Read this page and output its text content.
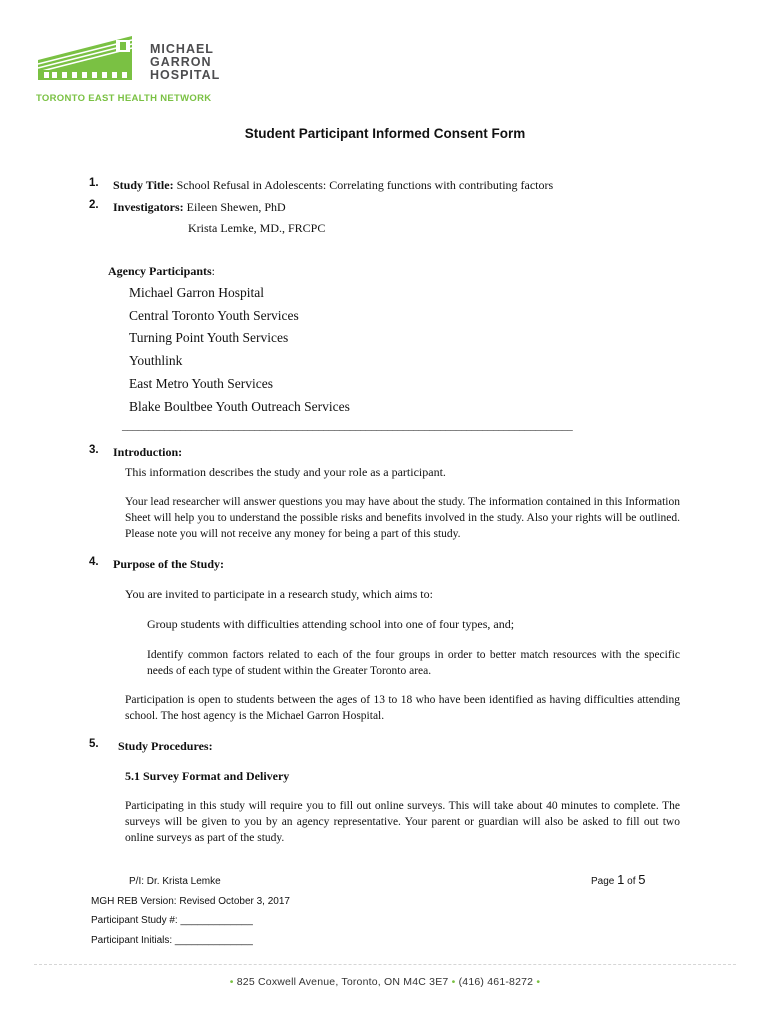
MICHAEL
GARRON
HOSPITAL
TORONTO EAST HEALTH NETWORK
Student Participant Informed Consent Form
1. Study Title: School Refusal in Adolescents: Correlating functions with contributing factors
2. Investigators: Eileen Shewen, PhD
Krista Lemke, MD., FRCPC
Agency Participants:
Michael Garron Hospital
Central Toronto Youth Services
Turning Point Youth Services
Youthlink
East Metro Youth Services
Blake Boultbee Youth Outreach Services
_____________________________________________________________________________________
3. Introduction:
This information describes the study and your role as a participant.
Your lead researcher will answer questions you may have about the study. The information contained in this Information Sheet will help you to understand the possible risks and benefits involved in the study. Also your rights will be outlined. Please note you will not receive any money for being a part of this study.
4. Purpose of the Study:
You are invited to participate in a research study, which aims to:
Group students with difficulties attending school into one of four types, and;
Identify common factors related to each of the four groups in order to better match resources with the specific needs of each type of student within the Greater Toronto area.
Participation is open to students between the ages of 13 to 18 who have been identified as having difficulties attending school. The host agency is the Michael Garron Hospital.
5. Study Procedures:
5.1 Survey Format and Delivery
Participating in this study will require you to fill out online surveys. This will take about 40 minutes to complete. The surveys will be given to you by an agency representative. Your parent or guardian will also be asked to fill out two online surveys as part of the study.
P/I: Dr. Krista Lemke	Page 1 of 5
MGH REB Version: Revised October 3, 2017
Participant Study #: _____________
Participant Initials: ______________
• 825 Coxwell Avenue, Toronto, ON M4C 3E7 • (416) 461-8272 •
